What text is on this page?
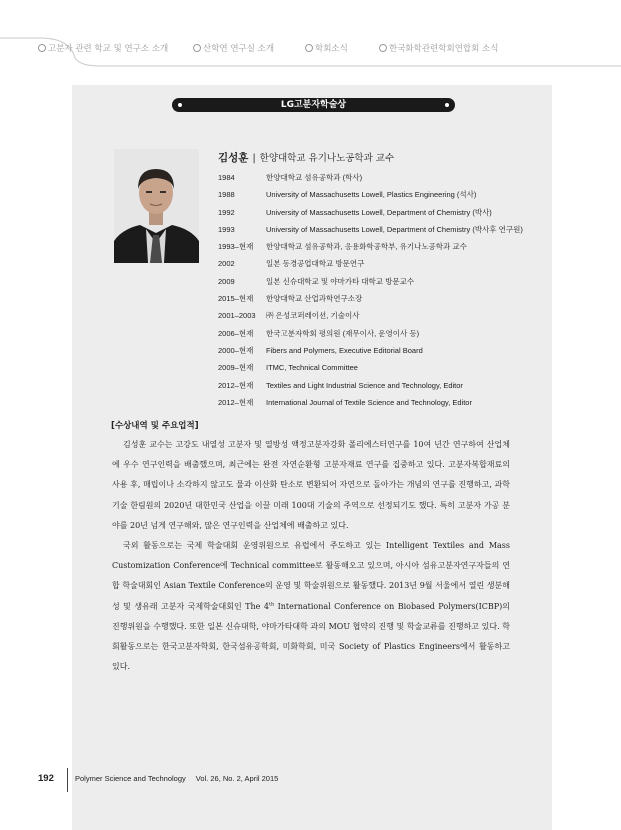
고분자 관련 학교 및 연구소 소개	산학연 연구실 소개	학회소식	한국화학관련학회연합회 소식
LG고분자학술상
김성훈 | 한양대학교 유기나노공학과 교수
1984	한양대학교 섬유공학과 (학사)
1988	University of Massachusetts Lowell, Plastics Engineering (석사)
1992	University of Massachusetts Lowell, Department of Chemistry (박사)
1993	University of Massachusetts Lowell, Department of Chemistry (박사후 연구원)
1993–현재	한양대학교 섬유공학과, 응용화학공학부, 유기나노공학과 교수
2002	일본 동경공업대학교 방문연구
2009	일본 신슈대학교 및 야마가타 대학교 방문교수
2015–현재	한양대학교 산업과학연구소장
2001–2003	㈜ 은성코퍼레이션, 기술이사
2006–현재	한국고분자학회 평의원 (재무이사, 운영이사 등)
2000–현재	Fibers and Polymers, Executive Editorial Board
2009–현재	ITMC, Technical Committee
2012–현재	Textiles and Light Industrial Science and Technology, Editor
2012–현재	International Journal of Textile Science and Technology, Editor
[수상내역 및 주요업적]

김성훈 교수는 고강도 내열성 고분자 및 열방성 액정고분자강화 폴리에스터연구를 10여 년간 연구하여 산업체에 우수 연구인력을 배출했으며, 최근에는 완전 자연순환형 고분자재료 연구를 집중하고 있다. 고분자복합재료의 사용 후, 매립이나 소각하지 않고도 물과 이산화 탄소로 변환되어 자연으로 돌아가는 개념의 연구를 진행하고, 과학기술 한림원의 2020년 대한민국 산업을 이끌 미래 100대 기술의 주역으로 선정되기도 했다. 특히 고분자 가공 분야를 20년 넘게 연구해와, 많은 연구인력을 산업체에 배출하고 있다.

국외 활동으로는 국제 학술대회 운영위원으로 유럽에서 주도하고 있는 Intelligent Textiles and Mass Customization Conference에 Technical committee로 활동해오고 있으며, 아시아 섬유고분자연구자들의 연합 학술대회인 Asian Textile Conference의 운영 및 학술위원으로 활동했다. 2013년 9월 서울에서 열린 생분해성 및 생유래 고분자 국제학술대회인 The 4th International Conference on Biobased Polymers(ICBP)의 진행위원을 수행했다. 또한 일본 신슈대학, 야마가타대학 과의 MOU 협약의 진행 및 학술교류를 진행하고 있다. 학회활동으로는 한국고분자학회, 한국섬유공학회, 미화학회, 미국 Society of Plastics Engineers에서 활동하고 있다.

192	Polymer Science and Technology Vol. 26, No. 2, April 2015
